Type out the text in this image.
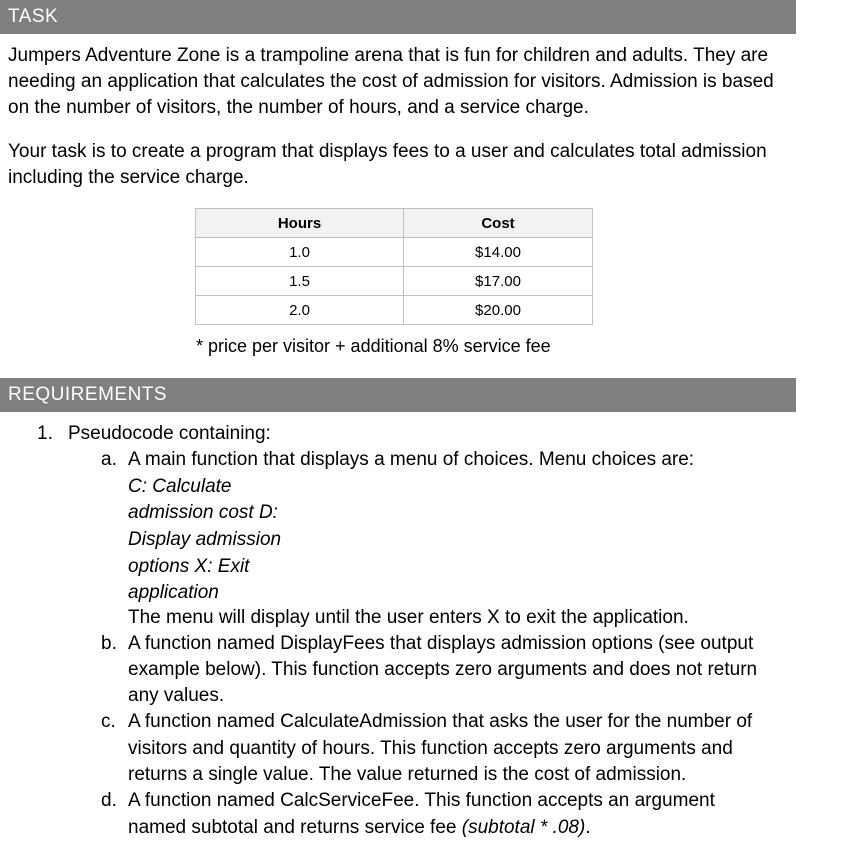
TASK

Jumpers Adventure Zone is a trampoline arena that is fun for children and adults. They are needing an application that calculates the cost of admission for visitors. Admission is based on the number of visitors, the number of hours, and a service charge.

Your task is to create a program that displays fees to a user and calculates total admission including the service charge.

Hours	Cost
1.0	$14.00
1.5	$17.00
2.0	$20.00
* price per visitor + additional 8% service fee
REQUIREMENTS
1. Pseudocode containing:
a. A main function that displays a menu of choices. Menu choices are:
C: Calculate
admission cost D:
Display admission
options X: Exit
application
The menu will display until the user enters X to exit the application.
b. A function named DisplayFees that displays admission options (see output
example below). This function accepts zero arguments and does not return
any values.
c. A function named CalculateAdmission that asks the user for the number of
visitors and quantity of hours. This function accepts zero arguments and
returns a single value. The value returned is the cost of admission.
d. A function named CalcServiceFee. This function accepts an argument
named subtotal and returns service fee (subtotal * .08).
